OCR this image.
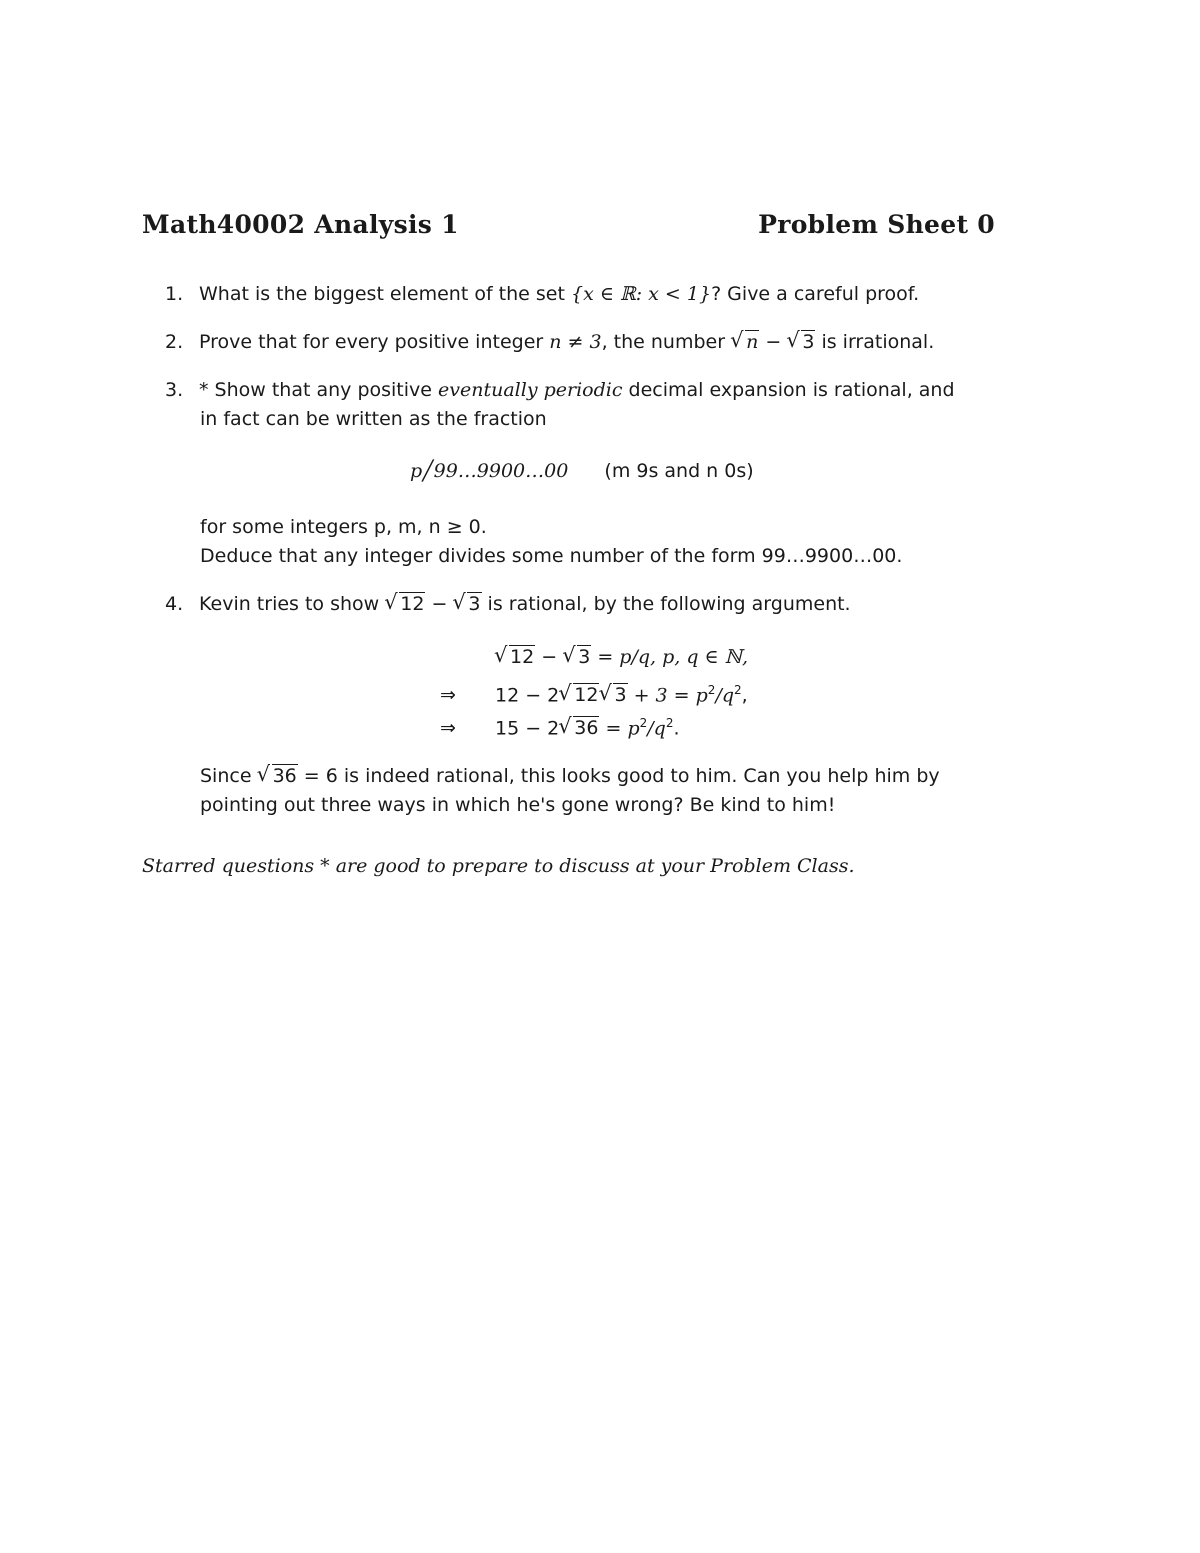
Math40002 Analysis 1	Problem Sheet 0
1. What is the biggest element of the set {x ∈ ℝ: x < 1}? Give a careful proof.
2. Prove that for every positive integer n ≠ 3, the number √ n − √ 3 is irrational.
3. * Show that any positive eventually periodic decimal expansion is rational, and
in fact can be written as the fraction
p╱99…9900…00 (m 9s and n 0s)
for some integers p, m, n ≥ 0.
Deduce that any integer divides some number of the form 99…9900…00.
4. Kevin tries to show √ 12 − √ 3 is rational, by the following argument.
√ 12 − √ 3 = p/q, p, q ∈ ℕ,
⇒ 12 − 2 √ 12 √ $3 + 3 = p^2/q^2$,
⇒ 15 − 2 √ $36 = p^2/q^2$.
Since √ 36 = 6 is indeed rational, this looks good to him. Can you help him by
pointing out three ways in which he's gone wrong? Be kind to him!
Starred questions * are good to prepare to discuss at your Problem Class.
